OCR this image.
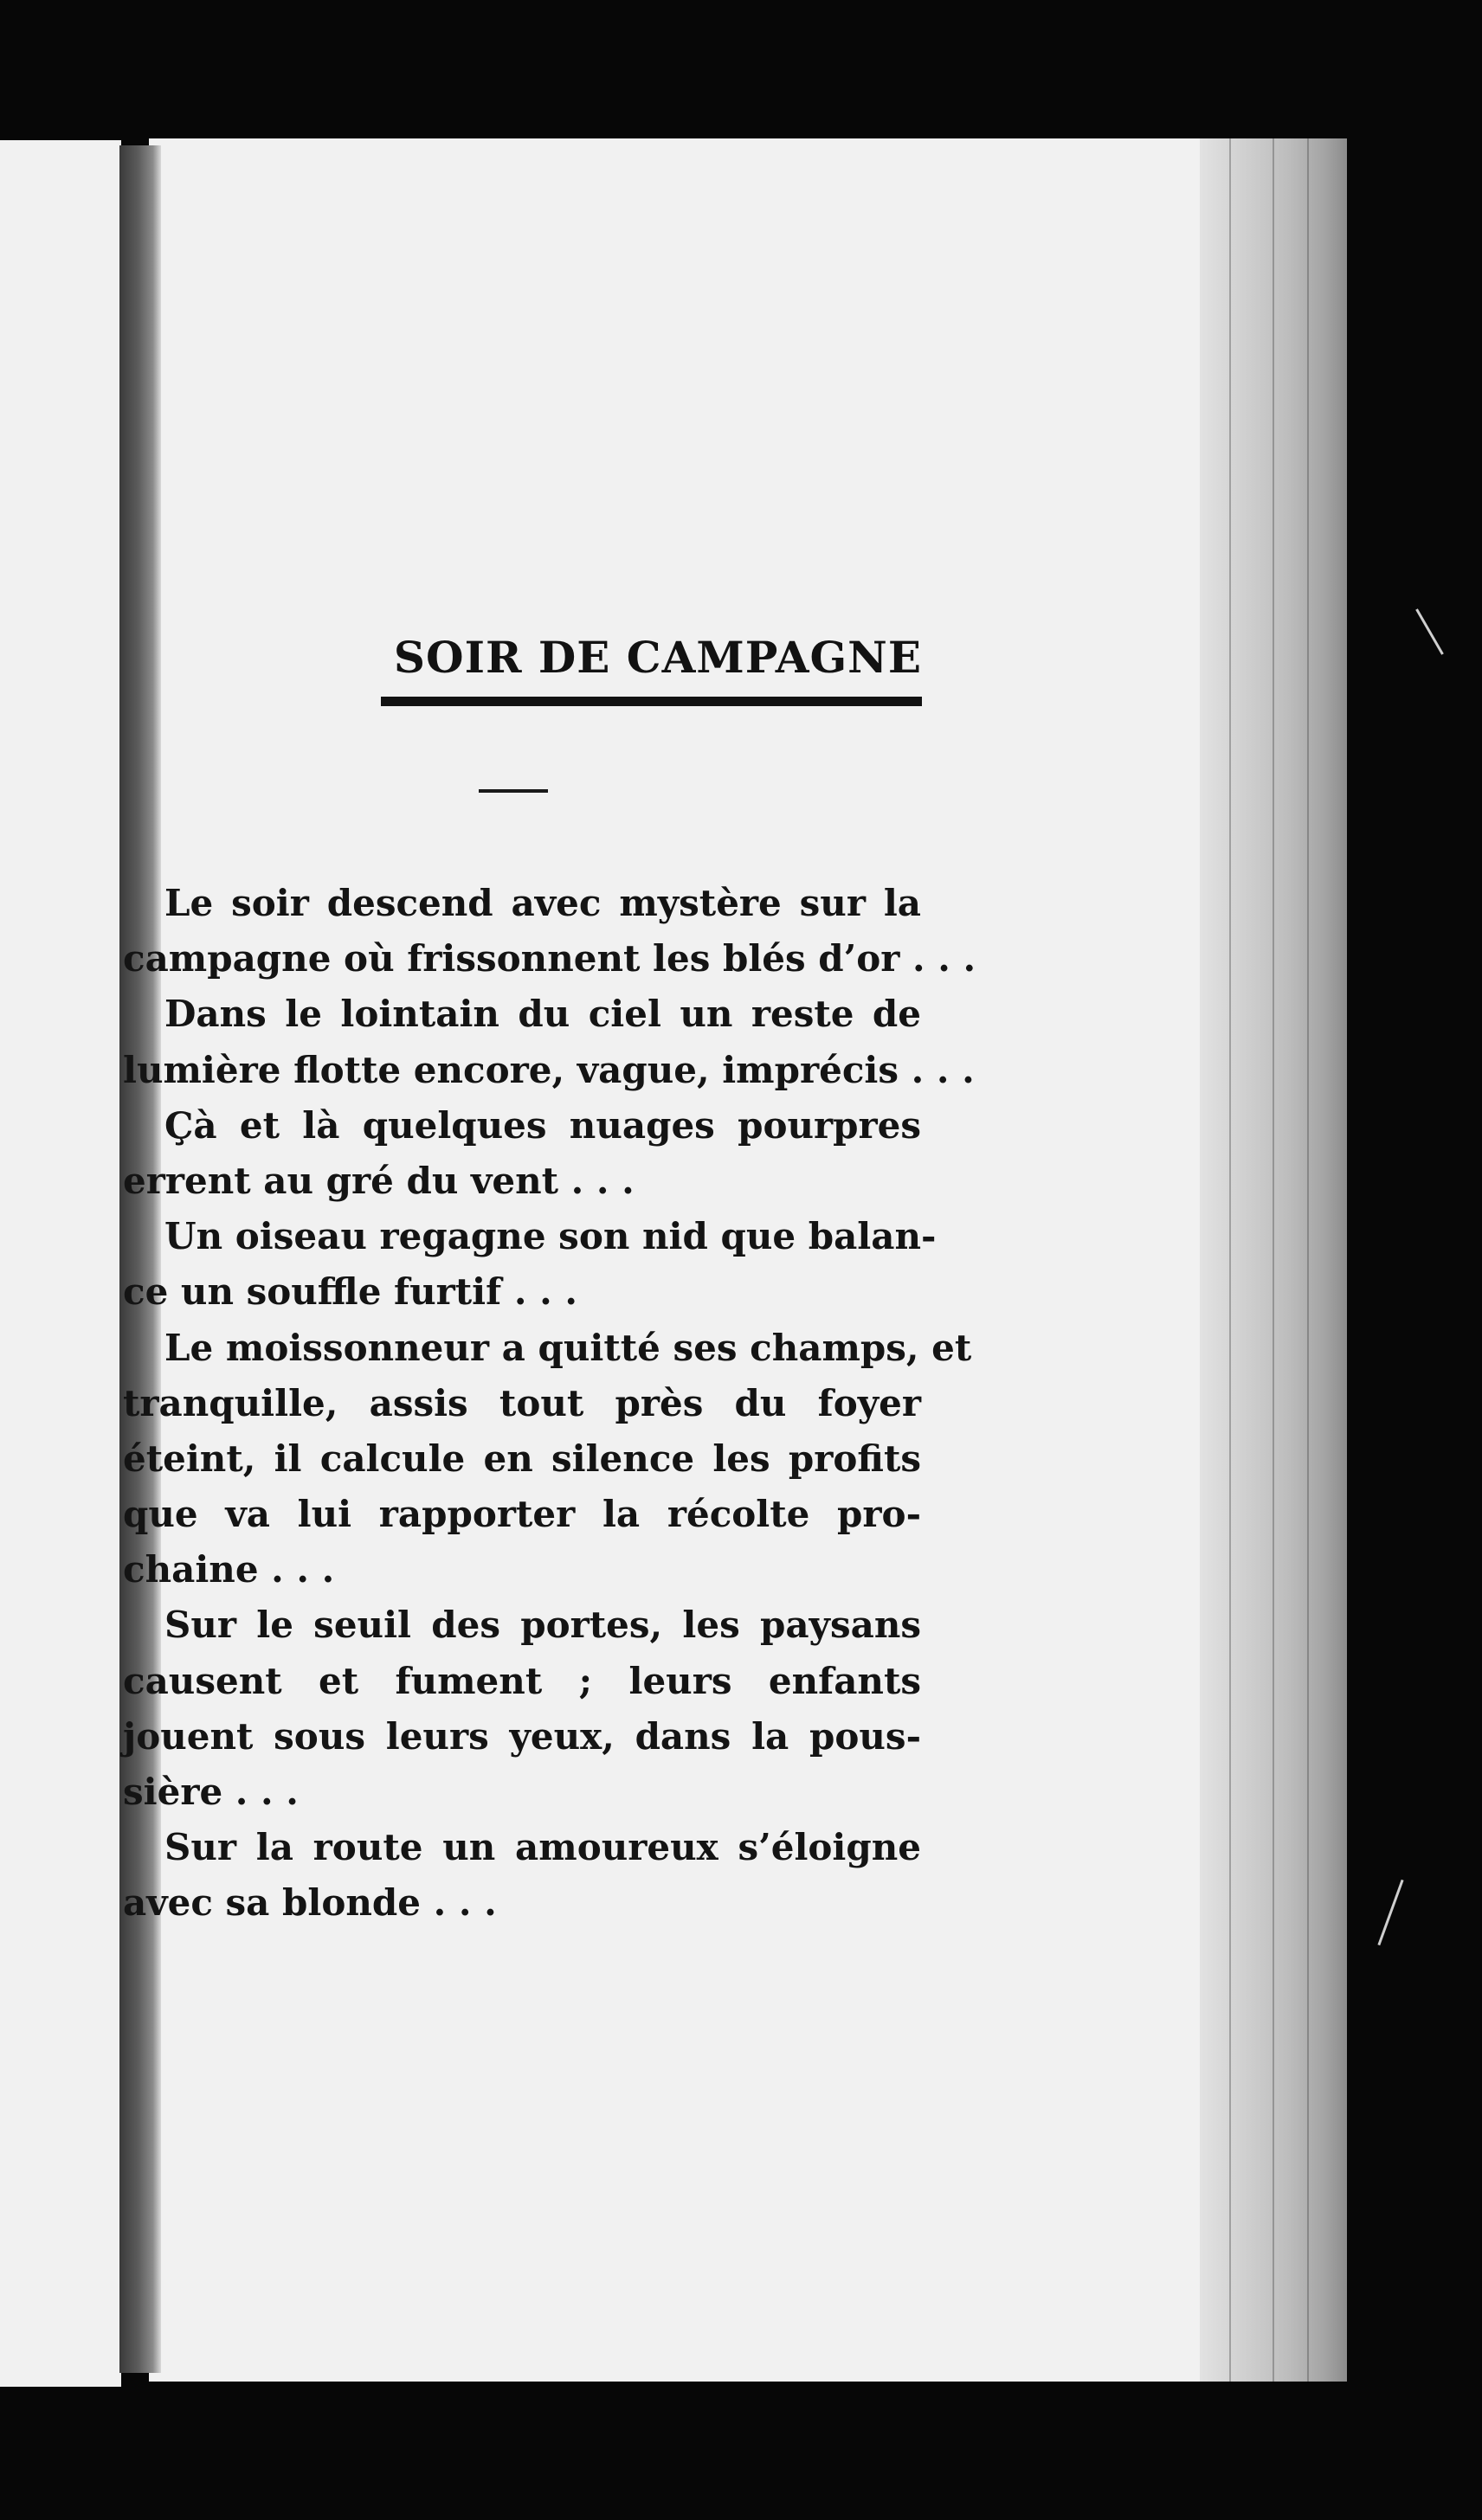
SOIR DE CAMPAGNE
Le soir descend avec mystère sur la
campagne où frissonnent les blés d’or . . .
Dans le lointain du ciel un reste de
lumière flotte encore, vague, imprécis . . .
Çà et là quelques nuages pourpres
errent au gré du vent . . .
Un oiseau regagne son nid que balan-
ce un souffle furtif . . .
Le moissonneur a quitté ses champs, et
tranquille, assis tout près du foyer
éteint, il calcule en silence les profits
que va lui rapporter la récolte pro-
chaine . . .
Sur le seuil des portes, les paysans
causent et fument ; leurs enfants
jouent sous leurs yeux, dans la pous-
sière . . .
Sur la route un amoureux s’éloigne
avec sa blonde . . .
